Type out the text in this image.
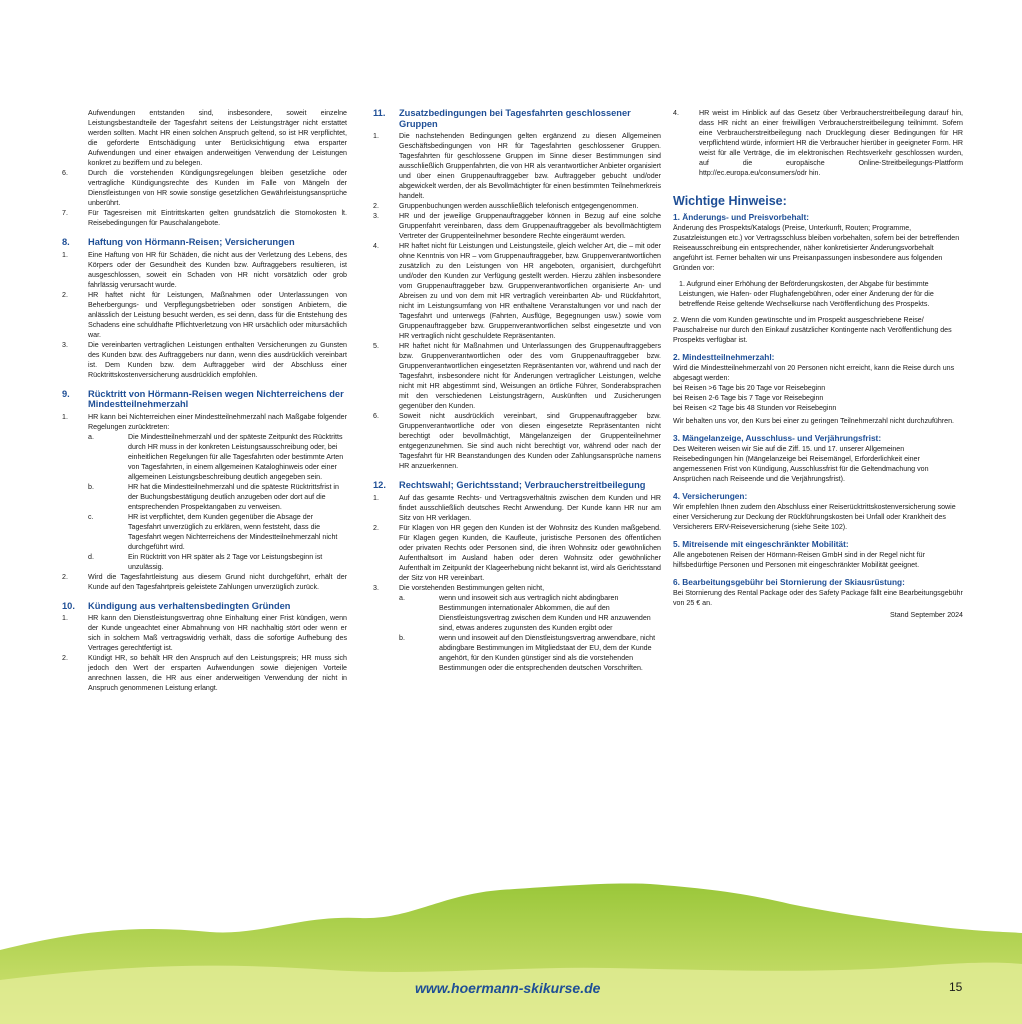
Aufwendungen entstanden sind, insbesondere, soweit einzelne Leistungsbestandteile der Tagesfahrt seitens der Leistungsträger nicht erstattet werden sollten. Macht HR einen solchen Anspruch geltend, so ist HR verpflichtet, die geforderte Entschädigung unter Berücksichtigung etwa ersparter Aufwendungen und einer etwaigen anderweitigen Verwendung der Leistungen konkret zu beziffern und zu belegen.

6.	Durch die vorstehenden Kündigungsregelungen bleiben gesetzliche oder vertragliche Kündigungsrechte des Kunden im Falle von Mängeln der Dienstleistungen von HR sowie sonstige gesetzlichen Gewährleistungsansprüche unberührt.
7.	Für Tagesreisen mit Eintrittskarten gelten grundsätzlich die Stornokosten lt. Reisebedingungen für Pauschalangebote.
8.	Haftung von Hörmann-Reisen; Versicherungen
1.	Eine Haftung von HR für Schäden, die nicht aus der Verletzung des Lebens, des Körpers oder der Gesundheit des Kunden bzw. Auftraggebers resultieren, ist ausgeschlossen, soweit ein Schaden von HR nicht vorsätzlich oder grob fahrlässig verursacht wurde.
2.	HR haftet nicht für Leistungen, Maßnahmen oder Unterlassungen von Beherbergungs- und Verpflegungsbetrieben oder sonstigen Anbietern, die anlässlich der Leistung besucht werden, es sei denn, dass für die Entstehung des Schadens eine schuldhafte Pflichtverletzung von HR ursächlich oder mitursächlich war.
3.	Die vereinbarten vertraglichen Leistungen enthalten Versicherungen zu Gunsten des Kunden bzw. des Auftraggebers nur dann, wenn dies ausdrücklich vereinbart ist. Dem Kunden bzw. dem Auftraggeber wird der Abschluss einer Rücktrittskostenversicherung ausdrücklich empfohlen.
9.	Rücktritt von Hörmann-Reisen wegen Nichterreichens der Mindestteilnehmerzahl
1.	HR kann bei Nichterreichen einer Mindestteilnehmerzahl nach Maßgabe folgender Regelungen zurücktreten:
a.	Die Mindestteilnehmerzahl und der späteste Zeitpunkt des Rücktritts durch HR muss in der konkreten Leistungsausschreibung oder, bei einheitlichen Regelungen für alle Tagesfahrten oder bestimmte Arten von Tagesfahrten, in einem allgemeinen Kataloghinweis oder einer allgemeinen Leistungsbeschreibung deutlich angegeben sein.
b.	HR hat die Mindestteilnehmerzahl und die späteste Rücktrittsfrist in der Buchungsbestätigung deutlich anzugeben oder dort auf die entsprechenden Prospektangaben zu verweisen.
c.	HR ist verpflichtet, dem Kunden gegenüber die Absage der Tagesfahrt unverzüglich zu erklären, wenn feststeht, dass die Tagesfahrt wegen Nichterreichens der Mindestteilnehmerzahl nicht durchgeführt wird.
d.	Ein Rücktritt von HR später als 2 Tage vor Leistungsbeginn ist unzulässig.
2.	Wird die Tagesfahrtleistung aus diesem Grund nicht durchgeführt, erhält der Kunde auf den Tagesfahrtpreis geleistete Zahlungen unverzüglich zurück.
10.	Kündigung aus verhaltensbedingten Gründen
1.	HR kann den Dienstleistungsvertrag ohne Einhaltung einer Frist kündigen, wenn der Kunde ungeachtet einer Abmahnung von HR nachhaltig stört oder wenn er sich in solchem Maß vertragswidrig verhält, dass die sofortige Aufhebung des Vertrages gerechtfertigt ist.
2.	Kündigt HR, so behält HR den Anspruch auf den Leistungspreis; HR muss sich jedoch den Wert der ersparten Aufwendungen sowie diejenigen Vorteile anrechnen lassen, die HR aus einer anderweitigen Verwendung der nicht in Anspruch genommenen Leistung erlangt.
11.	Zusatzbedingungen bei Tagesfahrten geschlossener Gruppen
1.	Die nachstehenden Bedingungen gelten ergänzend zu diesen Allgemeinen Geschäftsbedingungen von HR für Tagesfahrten geschlossener Gruppen. Tagesfahrten für geschlossene Gruppen im Sinne dieser Bestimmungen sind ausschließlich Gruppenfahrten, die von HR als verantwortlicher Anbieter organisiert und über einen Gruppenauftraggeber bzw. Auftraggeber gebucht und/oder abgewickelt werden, der als Bevollmächtigter für einen bestimmten Teilnehmerkreis handelt.
2.	Gruppenbuchungen werden ausschließlich telefonisch entgegengenommen.
3.	HR und der jeweilige Gruppenauftraggeber können in Bezug auf eine solche Gruppenfahrt vereinbaren, dass dem Gruppenauftraggeber als bevollmächtigtem Vertreter der Gruppenteilnehmer besondere Rechte eingeräumt werden.
4.	HR haftet nicht für Leistungen und Leistungsteile, gleich welcher Art, die – mit oder ohne Kenntnis von HR – vom Gruppenauftraggeber, bzw. Gruppenverantwortlichen zusätzlich zu den Leistungen von HR angeboten, organisiert, durchgeführt und/oder den Kunden zur Verfügung gestellt werden. Hierzu zählen insbesondere vom Gruppenauftraggeber bzw. Gruppenverantwortlichen organisierte An- und Abreisen zu und von dem mit HR vertraglich vereinbarten Ab- und Rückfahrtort, nicht im Leistungsumfang von HR enthaltene Veranstaltungen vor und nach der Tagesfahrt und unterwegs (Fahrten, Ausflüge, Begegnungen usw.) sowie vom Gruppenauftraggeber bzw. Gruppenverantwortlichen selbst eingesetzte und von HR vertraglich nicht geschuldete Repräsentanten.
5.	HR haftet nicht für Maßnahmen und Unterlassungen des Gruppenauftraggebers bzw. Gruppenverantwortlichen oder des vom Gruppenauftraggeber bzw. Gruppenverantwortlichen eingesetzten Repräsentanten vor, während und nach der Tagesfahrt, insbesondere nicht für Änderungen vertraglicher Leistungen, welche nicht mit HR abgestimmt sind, Weisungen an örtliche Führer, Sonderabsprachen mit den verschiedenen Leistungsträgern, Auskünften und Zusicherungen gegenüber den Kunden.
6.	Soweit nicht ausdrücklich vereinbart, sind Gruppenauftraggeber bzw. Gruppenverantwortliche oder von diesen eingesetzte Repräsentanten nicht berechtigt oder bevollmächtigt, Mängelanzeigen der Gruppenteilnehmer entgegenzunehmen. Sie sind auch nicht berechtigt vor, während oder nach der Tagesfahrt für HR Beanstandungen des Kunden oder Zahlungsansprüche namens HR anzuerkennen.
12.	Rechtswahl; Gerichtsstand; Verbraucherstreitbeilegung
1.	Auf das gesamte Rechts- und Vertragsverhältnis zwischen dem Kunden und HR findet ausschließlich deutsches Recht Anwendung. Der Kunde kann HR nur am Sitz von HR verklagen.
2.	Für Klagen von HR gegen den Kunden ist der Wohnsitz des Kunden maßgebend. Für Klagen gegen Kunden, die Kaufleute, juristische Personen des öffentlichen oder privaten Rechts oder Personen sind, die ihren Wohnsitz oder gewöhnlichen Aufenthaltsort im Ausland haben oder deren Wohnsitz oder gewöhnlicher Aufenthalt im Zeitpunkt der Klageerhebung nicht bekannt ist, wird als Gerichtsstand der Sitz von HR vereinbart.
3.	Die vorstehenden Bestimmungen gelten nicht,
a.	wenn und insoweit sich aus vertraglich nicht abdingbaren Bestimmungen internationaler Abkommen, die auf den Dienstleistungsvertrag zwischen dem Kunden und HR anzuwenden sind, etwas anderes zugunsten des Kunden ergibt oder
b.	wenn und insoweit auf den Dienstleistungsvertrag anwendbare, nicht abdingbare Bestimmungen im Mitgliedstaat der EU, dem der Kunde angehört, für den Kunden günstiger sind als die vorstehenden Bestimmungen oder die entsprechenden deutschen Vorschriften.
4.	HR weist im Hinblick auf das Gesetz über Verbraucherstreitbeilegung darauf hin, dass HR nicht an einer freiwilligen Verbraucherstreitbeilegung teilnimmt. Sofern eine Verbraucherstreitbeilegung nach Drucklegung dieser Bedingungen für HR verpflichtend würde, informiert HR die Verbraucher hierüber in geeigneter Form. HR weist für alle Verträge, die im elektronischen Rechtsverkehr geschlossen wurden, auf die europäische Online-Streitbeilegungs-Plattform http://ec.europa.eu/consumers/odr hin.
Wichtige Hinweise:
1. Änderungs- und Preisvorbehalt:

Änderung des Prospekts/Katalogs (Preise, Unterkunft, Routen; Programme, Zusatzleistungen etc.) vor Vertragsschluss bleiben vorbehalten, sofern bei der betreffenden Reiseausschreibung ein entsprechender, näher konkretisierter Änderungsvorbehalt angeführt ist. Ferner behalten wir uns Preisanpassungen insbesondere aus folgenden Gründen vor:

1. Aufgrund einer Erhöhung der Beförderungskosten, der Abgabe für bestimmte Leistungen, wie Hafen- oder Flughafengebühren, oder einer Änderung der für die betreffende Reise geltende Wechselkurse nach Veröffentlichung des Prospekts.

2. Wenn die vom Kunden gewünschte und im Prospekt ausgeschriebene Reise/ Pauschalreise nur durch den Einkauf zusätzlicher Kontingente nach Veröffentlichung des Prospekts verfügbar ist.

2. Mindestteilnehmerzahl:

Wird die Mindestteilnehmerzahl von 20 Personen nicht erreicht, kann die Reise durch uns abgesagt werden:

bei Reisen >6 Tage bis 20 Tage vor Reisebeginn

bei Reisen 2-6 Tage bis 7 Tage vor Reisebeginn

bei Reisen <2 Tage bis 48 Stunden vor Reisebeginn

Wir behalten uns vor, den Kurs bei einer zu geringen Teilnehmerzahl nicht durchzuführen.

3. Mängelanzeige, Ausschluss- und Verjährungsfrist:

Des Weiteren weisen wir Sie auf die Ziff. 15. und 17. unserer Allgemeinen Reisebedingungen hin (Mängelanzeige bei Reisemängel, Erforderlichkeit einer angemessenen Frist von Kündigung, Ausschlussfrist für die Geltendmachung von Ansprüchen nach Reiseende und die Verjährungsfrist).

4. Versicherungen:

Wir empfehlen Ihnen zudem den Abschluss einer Reiserücktrittskostenversicherung sowie einer Versicherung zur Deckung der Rückführungskosten bei Unfall oder Krankheit des Versicherers ERV-Reiseversicherung (siehe Seite 102).

5. Mitreisende mit eingeschränkter Mobilität:

Alle angebotenen Reisen der Hörmann-Reisen GmbH sind in der Regel nicht für hilfsbedürftige Personen und Personen mit eingeschränkter Mobilität geeignet.

6. Bearbeitungsgebühr bei Stornierung der Skiausrüstung:

Bei Stornierung des Rental Package oder des Safety Package fällt eine Bearbeitungsgebühr von 25 € an.

Stand September 2024

www.hoermann-skikurse.de	15
